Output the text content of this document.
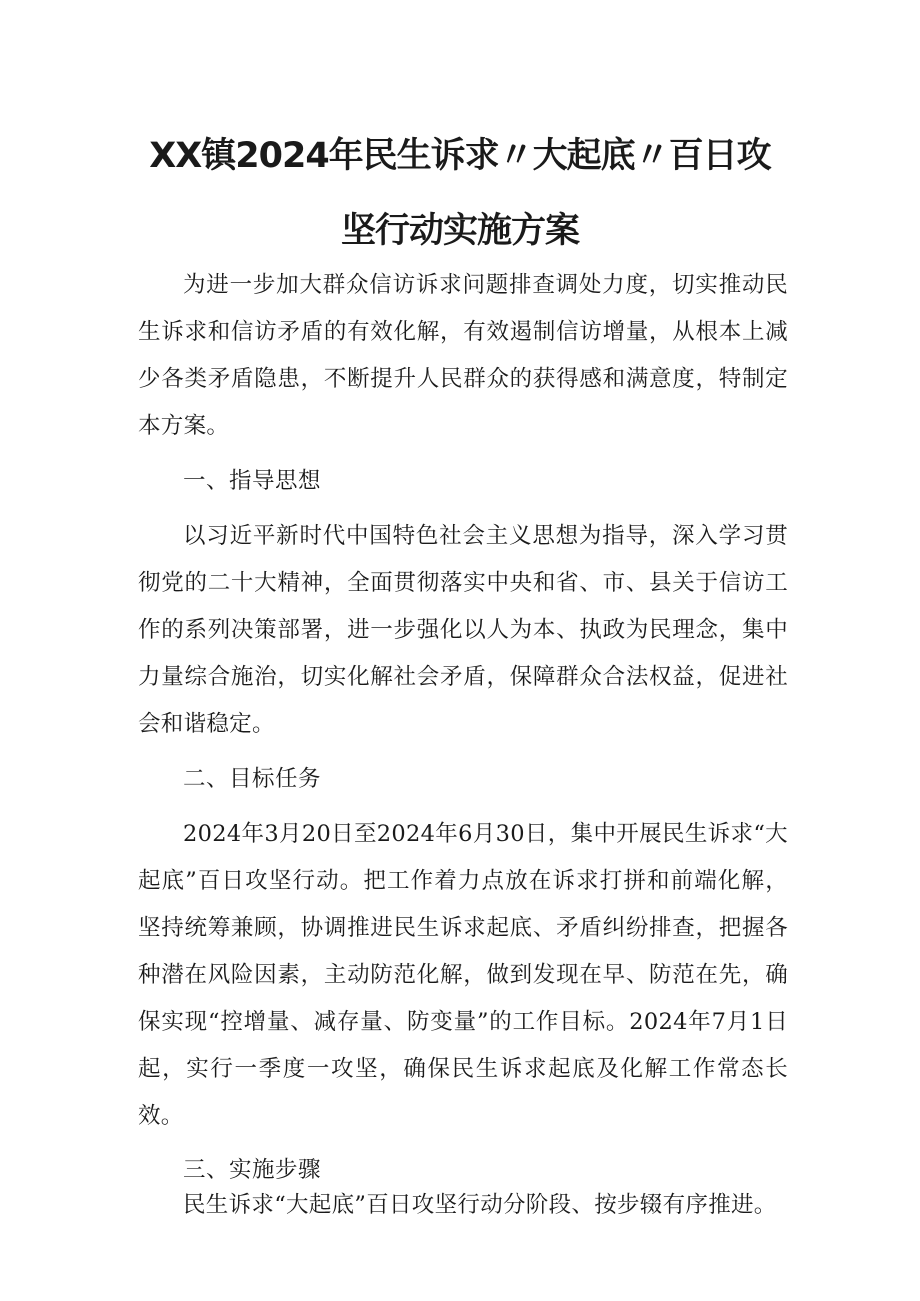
XX镇2024年民生诉求〃大起底〃百日攻
坚行动实施方案

为进一步加大群众信访诉求问题排查调处力度，切实推动民生诉求和信访矛盾的有效化解，有效遏制信访增量，从根本上减少各类矛盾隐患，不断提升人民群众的获得感和满意度，特制定本方案。

一、指导思想

以习近平新时代中国特色社会主义思想为指导，深入学习贯彻党的二十大精神，全面贯彻落实中央和省、市、县关于信访工作的系列决策部署，进一步强化以人为本、执政为民理念，集中力量综合施治，切实化解社会矛盾，保障群众合法权益，促进社会和谐稳定。

二、目标任务

2024年3月20日至2024年6月30日，集中开展民生诉求“大起底”百日攻坚行动。把工作着力点放在诉求打拼和前端化解，坚持统筹兼顾，协调推进民生诉求起底、矛盾纠纷排查，把握各种潜在风险因素，主动防范化解，做到发现在早、防范在先，确保实现“控增量、减存量、防变量”的工作目标。2024年7月1日起，实行一季度一攻坚，确保民生诉求起底及化解工作常态长效。

三、实施步骤

民生诉求“大起底”百日攻坚行动分阶段、按步辍有序推进。
